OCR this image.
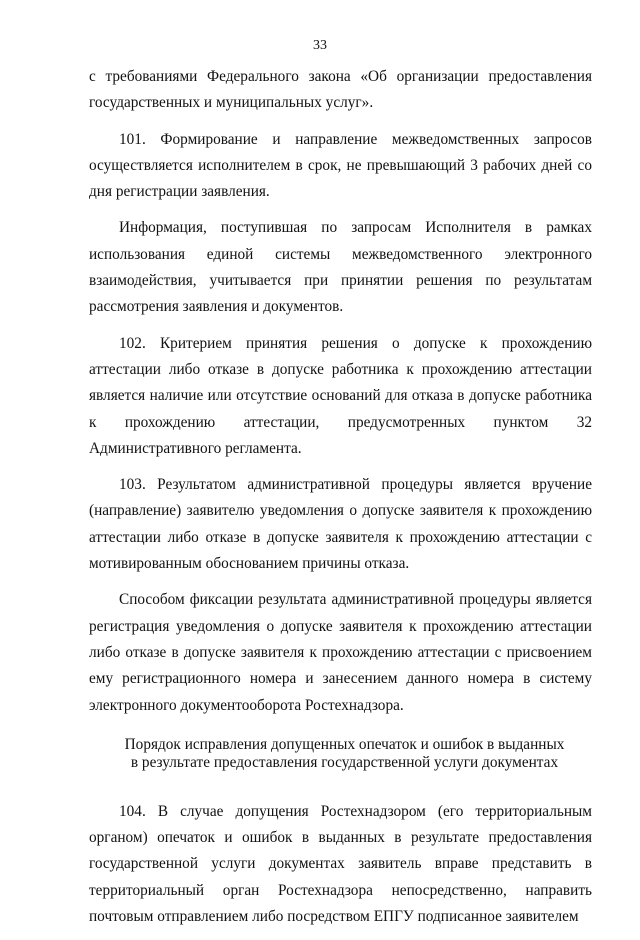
33

с требованиями Федерального закона «Об организации предоставления государственных и муниципальных услуг».

101. Формирование и направление межведомственных запросов осуществляется исполнителем в срок, не превышающий 3 рабочих дней со дня регистрации заявления.

Информация, поступившая по запросам Исполнителя в рамках использования единой системы межведомственного электронного взаимодействия, учитывается при принятии решения по результатам рассмотрения заявления и документов.

102. Критерием принятия решения о допуске к прохождению аттестации либо отказе в допуске работника к прохождению аттестации является наличие или отсутствие оснований для отказа в допуске работника к прохождению аттестации, предусмотренных пунктом 32 Административного регламента.

103. Результатом административной процедуры является вручение (направление) заявителю уведомления о допуске заявителя к прохождению аттестации либо отказе в допуске заявителя к прохождению аттестации с мотивированным обоснованием причины отказа.

Способом фиксации результата административной процедуры является регистрация уведомления о допуске заявителя к прохождению аттестации либо отказе в допуске заявителя к прохождению аттестации с присвоением ему регистрационного номера и занесением данного номера в систему электронного документооборота Ростехнадзора.

Порядок исправления допущенных опечаток и ошибок в выданных
в результате предоставления государственной услуги документах

104. В случае допущения Ростехнадзором (его территориальным органом) опечаток и ошибок в выданных в результате предоставления государственной услуги документах заявитель вправе представить в территориальный орган Ростехнадзора непосредственно, направить почтовым отправлением либо посредством ЕПГУ подписанное заявителем
